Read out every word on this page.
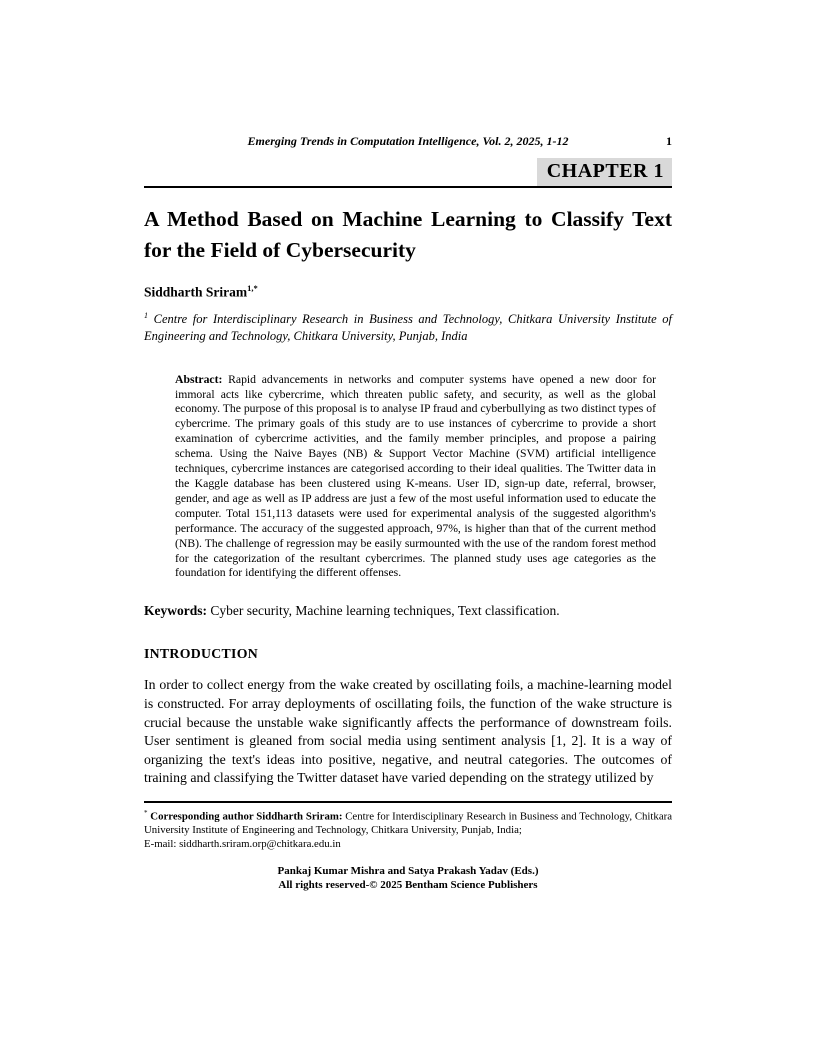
Emerging Trends in Computation Intelligence, Vol. 2, 2025, 1-12	1
CHAPTER 1
A Method Based on Machine Learning to Classify Text for the Field of Cybersecurity
Siddharth Sriram$^{1,*}$
$^1$ Centre for Interdisciplinary Research in Business and Technology, Chitkara University Institute of Engineering and Technology, Chitkara University, Punjab, India
Abstract: Rapid advancements in networks and computer systems have opened a new door for immoral acts like cybercrime, which threaten public safety, and security, as well as the global economy. The purpose of this proposal is to analyse IP fraud and cyberbullying as two distinct types of cybercrime. The primary goals of this study are to use instances of cybercrime to provide a short examination of cybercrime activities, and the family member principles, and propose a pairing schema. Using the Naive Bayes (NB) & Support Vector Machine (SVM) artificial intelligence techniques, cybercrime instances are categorised according to their ideal qualities. The Twitter data in the Kaggle database has been clustered using K-means. User ID, sign-up date, referral, browser, gender, and age as well as IP address are just a few of the most useful information used to educate the computer. Total 151,113 datasets were used for experimental analysis of the suggested algorithm's performance. The accuracy of the suggested approach, 97%, is higher than that of the current method (NB). The challenge of regression may be easily surmounted with the use of the random forest method for the categorization of the resultant cybercrimes. The planned study uses age categories as the foundation for identifying the different offenses.
Keywords: Cyber security, Machine learning techniques, Text classification.
INTRODUCTION
In order to collect energy from the wake created by oscillating foils, a machine-learning model is constructed. For array deployments of oscillating foils, the function of the wake structure is crucial because the unstable wake significantly affects the performance of downstream foils. User sentiment is gleaned from social media using sentiment analysis [1, 2]. It is a way of organizing the text's ideas into positive, negative, and neutral categories. The outcomes of training and classifying the Twitter dataset have varied depending on the strategy utilized by

* Corresponding author Siddharth Sriram: Centre for Interdisciplinary Research in Business and Technology, Chitkara University Institute of Engineering and Technology, Chitkara University, Punjab, India;

E-mail: siddharth.sriram.orp@chitkara.edu.in

Pankaj Kumar Mishra and Satya Prakash Yadav (Eds.)
All rights reserved-© 2025 Bentham Science Publishers
